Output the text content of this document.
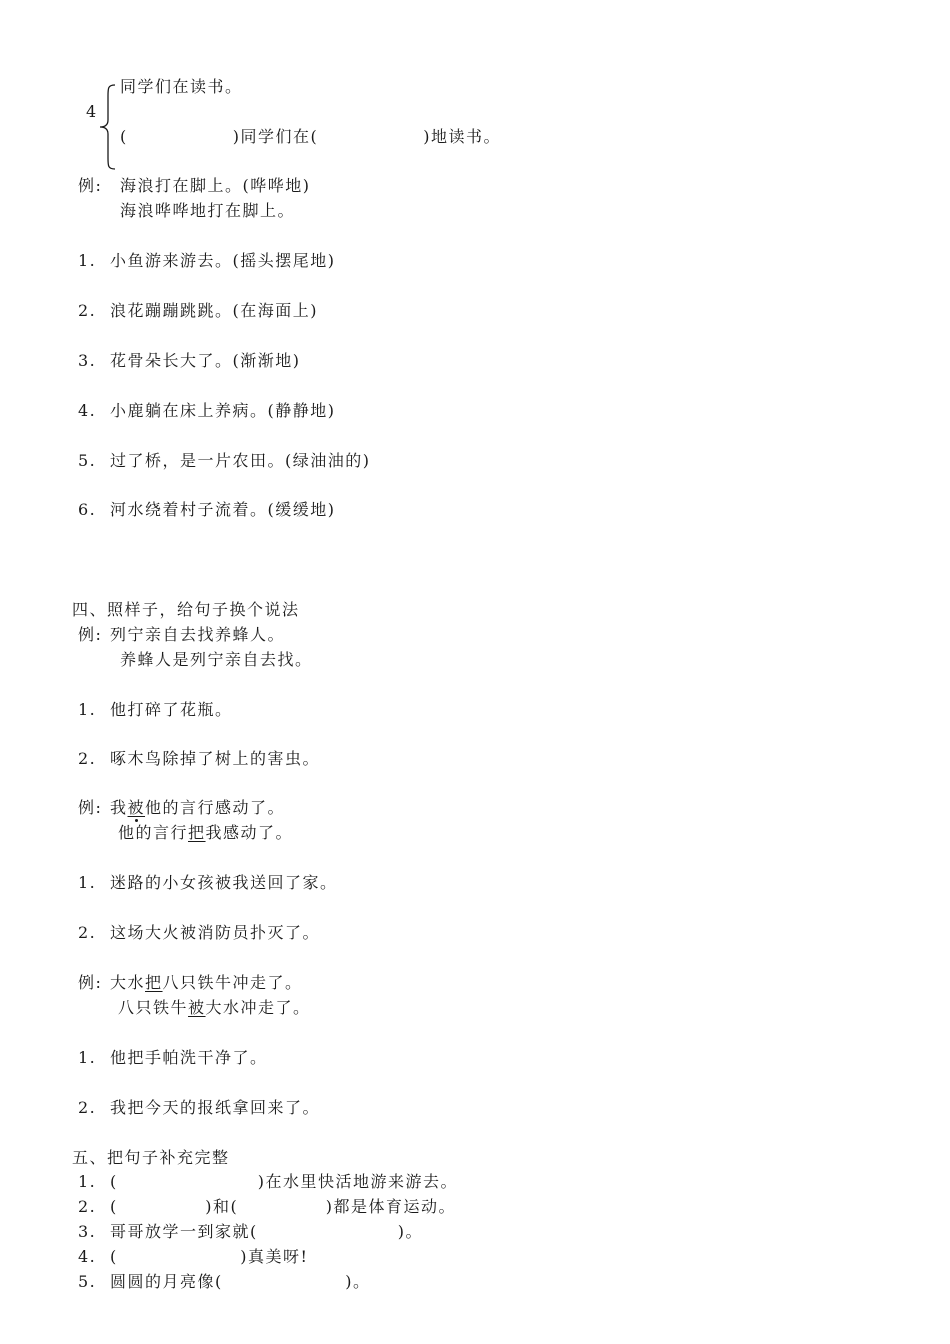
4
同学们在读书。
(　　　　　　)同学们在(　　　　　　)地读书。
例: 海浪打在脚上。(哗哗地)
海浪哗哗地打在脚上。
1. 小鱼游来游去。(摇头摆尾地)
2. 浪花蹦蹦跳跳。(在海面上)
3. 花骨朵长大了。(渐渐地)
4. 小鹿躺在床上养病。(静静地)
5. 过了桥，是一片农田。(绿油油的)
6. 河水绕着村子流着。(缓缓地)
四、照样子，给句子换个说法
例: 列宁亲自去找养蜂人。
养蜂人是列宁亲自去找。
1. 他打碎了花瓶。
2. 啄木鸟除掉了树上的害虫。
例: 我被他的言行感动了。
他的言行把我感动了。
1. 迷路的小女孩被我送回了家。
2. 这场大火被消防员扑灭了。
例: 大水把八只铁牛冲走了。
八只铁牛被大水冲走了。
1. 他把手帕洗干净了。
2. 我把今天的报纸拿回来了。
五、把句子补充完整
1. (　　　　　　　　)在水里快活地游来游去。
2. (　　　　　)和(　　　　　)都是体育运动。
3. 哥哥放学一到家就(　　　　　　　　)。
4. (　　　　　　　)真美呀!
5. 圆圆的月亮像(　　　　　　　)。
